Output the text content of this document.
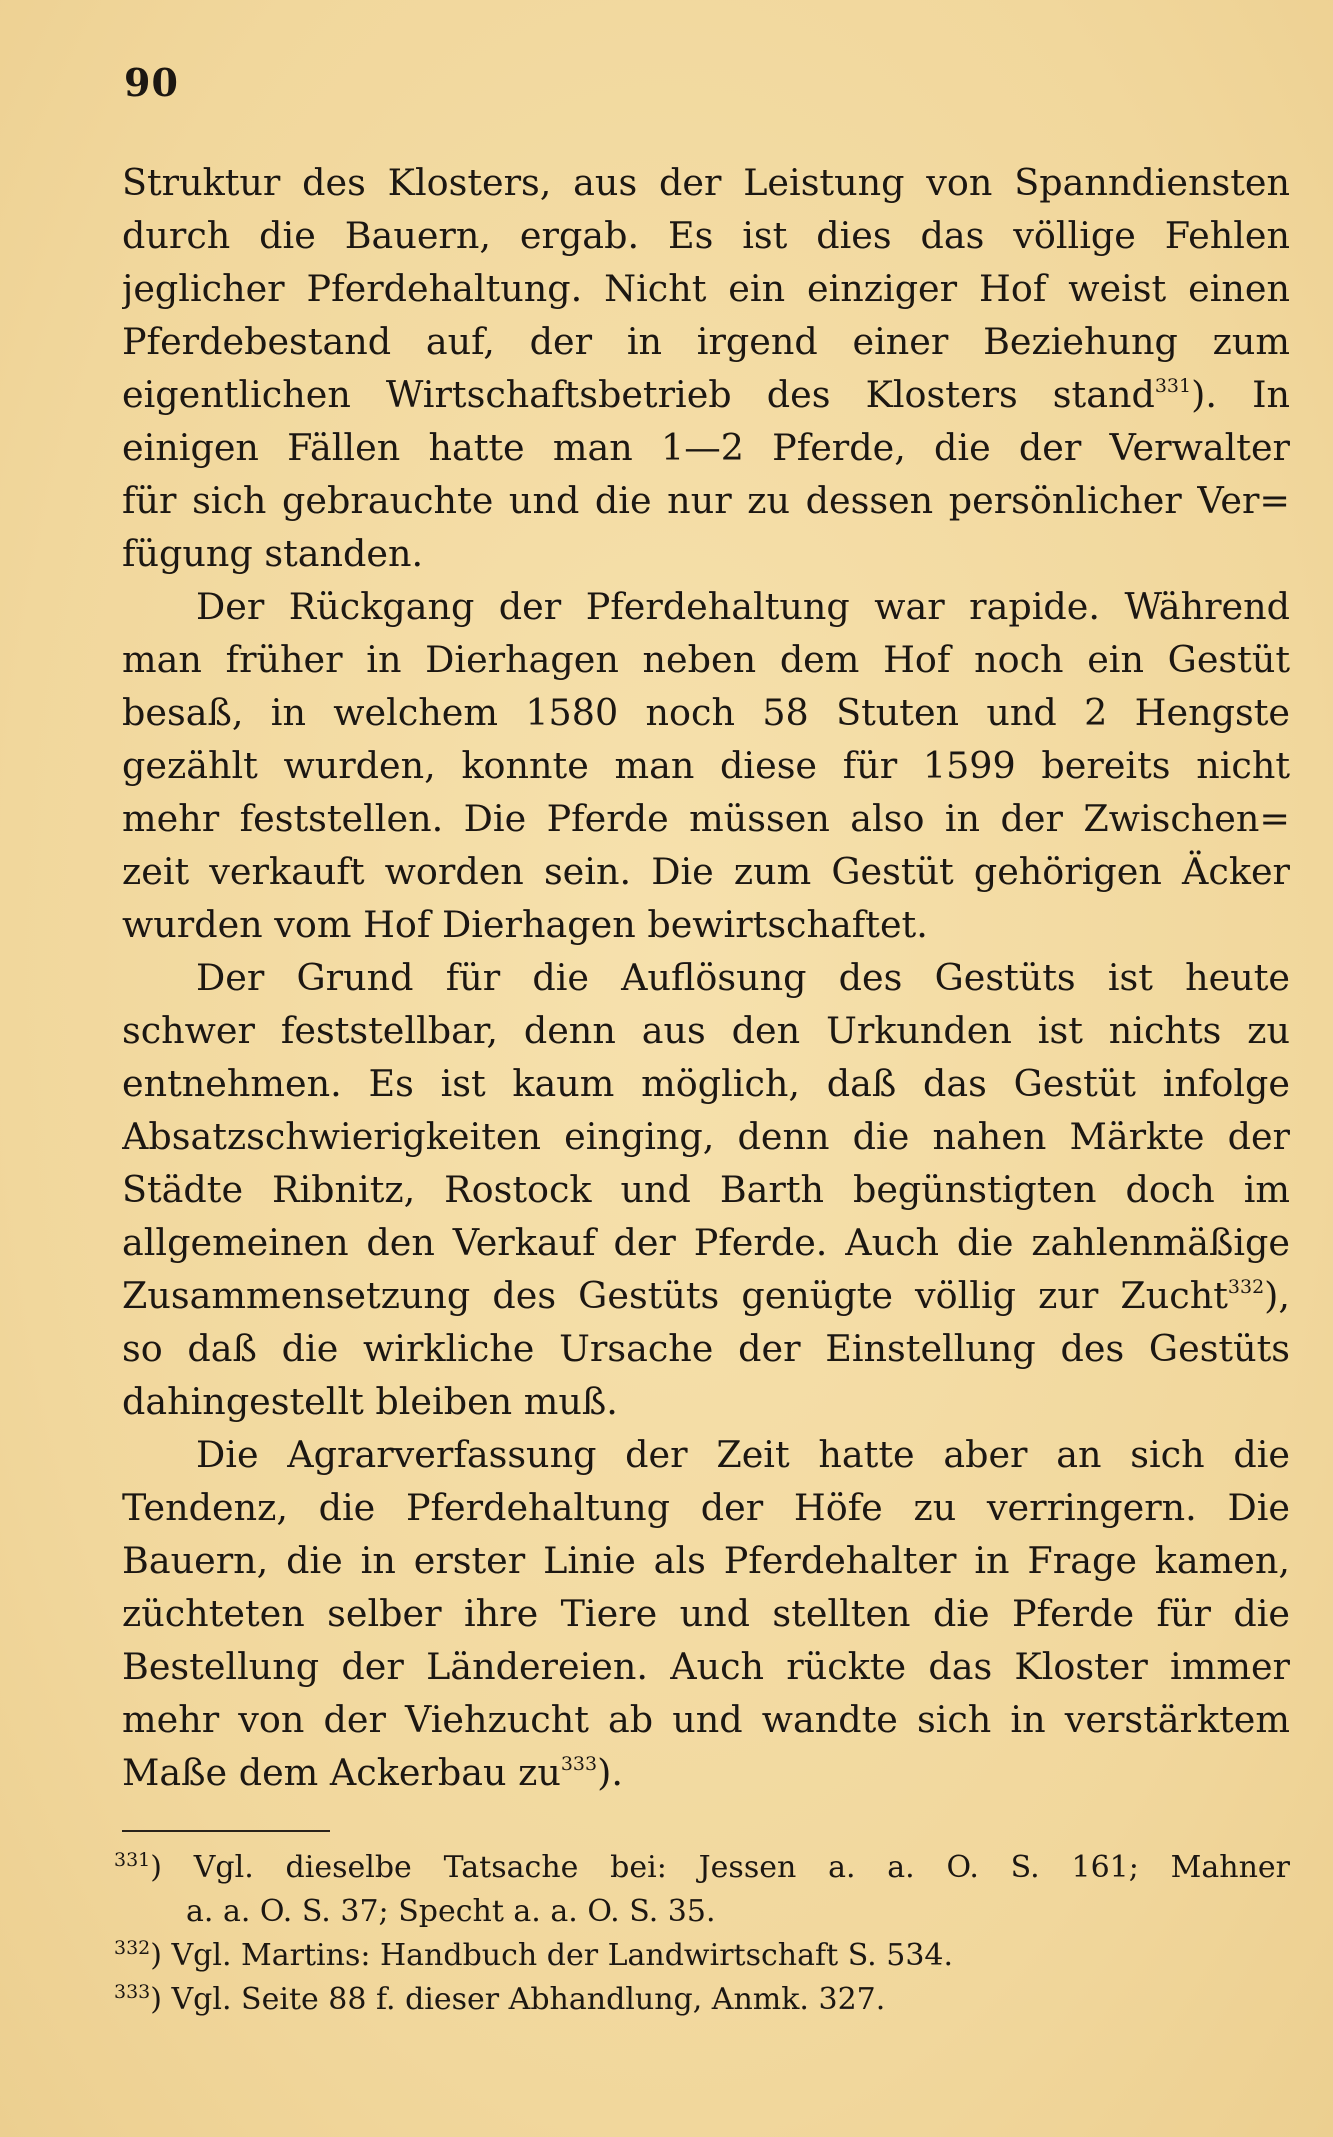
90
Struktur des Klosters, aus der Leistung von Spanndiensten
durch die Bauern, ergab. Es ist dies das völlige Fehlen
jeglicher Pferdehaltung. Nicht ein einziger Hof weist einen
Pferdebestand auf, der in irgend einer Beziehung zum
eigentlichen Wirtschaftsbetrieb des Klosters stand$^{331}$). In
einigen Fällen hatte man 1—2 Pferde, die der Verwalter
für sich gebrauchte und die nur zu dessen persönlicher Ver=
fügung standen.
Der Rückgang der Pferdehaltung war rapide. Während
man früher in Dierhagen neben dem Hof noch ein Gestüt
besaß, in welchem 1580 noch 58 Stuten und 2 Hengste
gezählt wurden, konnte man diese für 1599 bereits nicht
mehr feststellen. Die Pferde müssen also in der Zwischen=
zeit verkauft worden sein. Die zum Gestüt gehörigen Äcker
wurden vom Hof Dierhagen bewirtschaftet.
Der Grund für die Auflösung des Gestüts ist heute
schwer feststellbar, denn aus den Urkunden ist nichts zu
entnehmen. Es ist kaum möglich, daß das Gestüt infolge
Absatzschwierigkeiten einging, denn die nahen Märkte der
Städte Ribnitz, Rostock und Barth begünstigten doch im
allgemeinen den Verkauf der Pferde. Auch die zahlenmäßige
Zusammensetzung des Gestüts genügte völlig zur Zucht$^{332}$),
so daß die wirkliche Ursache der Einstellung des Gestüts
dahingestellt bleiben muß.
Die Agrarverfassung der Zeit hatte aber an sich die
Tendenz, die Pferdehaltung der Höfe zu verringern. Die
Bauern, die in erster Linie als Pferdehalter in Frage kamen,
züchteten selber ihre Tiere und stellten die Pferde für die
Bestellung der Ländereien. Auch rückte das Kloster immer
mehr von der Viehzucht ab und wandte sich in verstärktem
Maße dem Ackerbau $zu^{333}$).
$^{331}$) Vgl. dieselbe Tatsache bei: Jessen a. a. O. S. 161; Mahner
a. a. O. S. 37; Specht a. a. O. S. 35.
$^{332}$) Vgl. Martins: Handbuch der Landwirtschaft S. 534.
$^{333}$) Vgl. Seite 88 f. dieser Abhandlung, Anmk. 327.
